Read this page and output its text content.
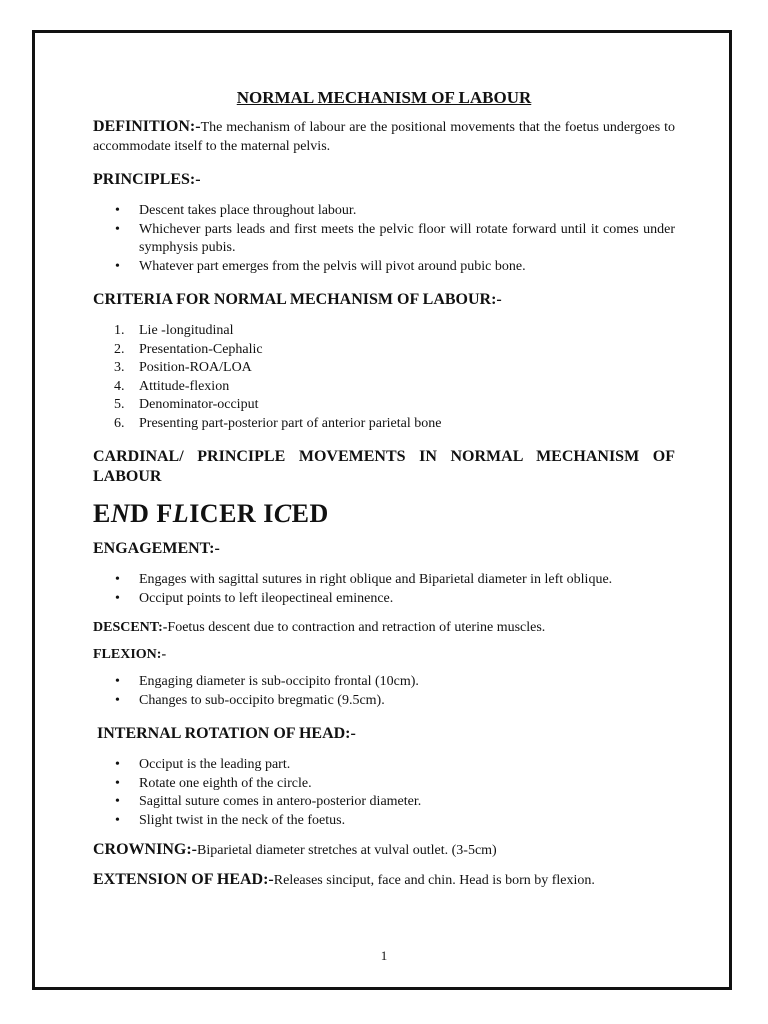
NORMAL MECHANISM OF LABOUR

DEFINITION:-The mechanism of labour are the positional movements that the foetus undergoes to accommodate itself to the maternal pelvis.

PRINCIPLES:-
• Descent takes place throughout labour.
• Whichever parts leads and first meets the pelvic floor will rotate forward until it comes under symphysis pubis.
• Whatever part emerges from the pelvis will pivot around pubic bone.
CRITERIA FOR NORMAL MECHANISM OF LABOUR:-
1. Lie -longitudinal
2. Presentation-Cephalic
3. Position-ROA/LOA
4. Attitude-flexion
5. Denominator-occiput
6. Presenting part-posterior part of anterior parietal bone
CARDINAL/ PRINCIPLE MOVEMENTS IN NORMAL MECHANISM OF LABOUR
END FLICER ICED
ENGAGEMENT:-
• Engages with sagittal sutures in right oblique and Biparietal diameter in left oblique.
• Occiput points to left ileopectineal eminence.

DESCENT:-Foetus descent due to contraction and retraction of uterine muscles.

FLEXION:-
• Engaging diameter is sub-occipito frontal (10cm).
• Changes to sub-occipito bregmatic (9.5cm).
INTERNAL ROTATION OF HEAD:-
• Occiput is the leading part.
• Rotate one eighth of the circle.
• Sagittal suture comes in antero-posterior diameter.
• Slight twist in the neck of the foetus.

CROWNING:-Biparietal diameter stretches at vulval outlet. (3-5cm)

EXTENSION OF HEAD:-Releases sinciput, face and chin. Head is born by flexion.

1
